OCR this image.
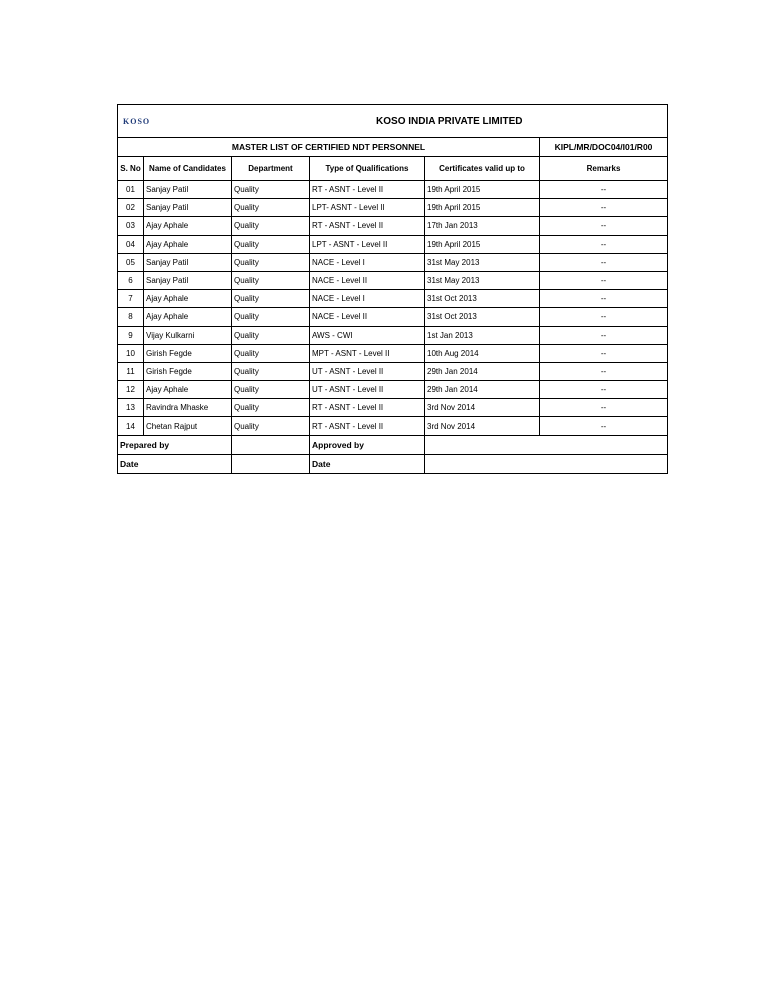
KOSO		KOSO INDIA PRIVATE LIMITED			
MASTER LIST OF CERTIFIED NDT PERSONNEL					KIPL/MR/DOC04/I01/R00
S. No	Name of Candidates	Department	Type of Qualifications	Certificates valid up to	Remarks
01	Sanjay Patil	Quality	RT - ASNT - Level II	19th April 2015	--
02	Sanjay Patil	Quality	LPT- ASNT - Level II	19th April 2015	--
03	Ajay Aphale	Quality	RT - ASNT - Level II	17th Jan 2013	--
04	Ajay Aphale	Quality	LPT - ASNT - Level II	19th April 2015	--
05	Sanjay Patil	Quality	NACE - Level I	31st May 2013	--
6	Sanjay Patil	Quality	NACE - Level II	31st May 2013	--
7	Ajay Aphale	Quality	NACE - Level I	31st Oct 2013	--
8	Ajay Aphale	Quality	NACE - Level II	31st Oct 2013	--
9	Vijay Kulkarni	Quality	AWS - CWI	1st Jan 2013	--
10	Girish Fegde	Quality	MPT - ASNT - Level II	10th Aug 2014	--
11	Girish Fegde	Quality	UT - ASNT - Level II	29th Jan 2014	--
12	Ajay Aphale	Quality	UT - ASNT - Level II	29th Jan 2014	--
13	Ravindra Mhaske	Quality	RT - ASNT - Level II	3rd Nov 2014	--
14	Chetan Rajput	Quality	RT - ASNT - Level II	3rd Nov 2014	--
Prepared by			Approved by		
Date			Date		
